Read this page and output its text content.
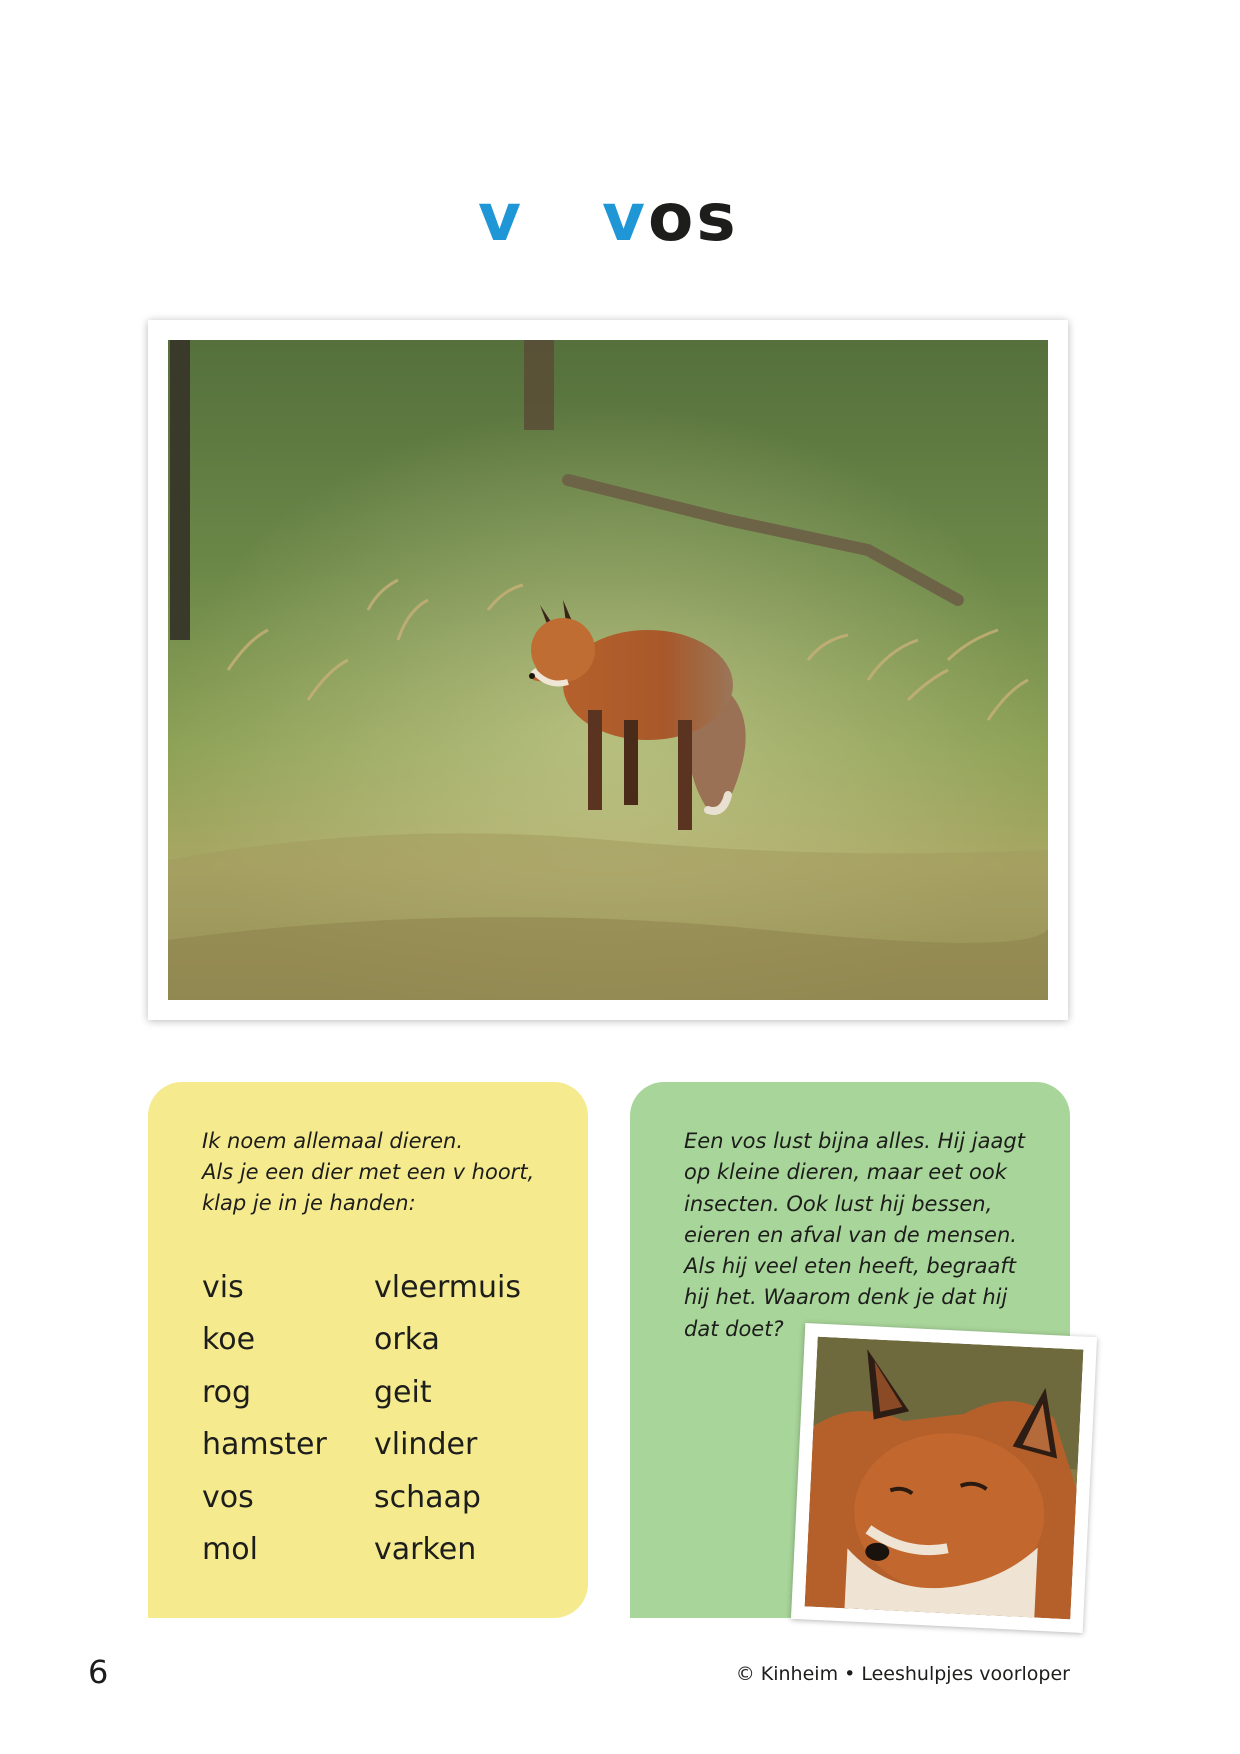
v vos

Ik noem allemaal dieren.
Als je een dier met een v hoort,
klap je in je handen:

vis
koe
rog
hamster
vos
mol
vleermuis
orka
geit
vlinder
schaap
varken

Een vos lust bijna alles. Hij jaagt
op kleine dieren, maar eet ook
insecten. Ook lust hij bessen,
eieren en afval van de mensen.
Als hij veel eten heeft, begraaft
hij het. Waarom denk je dat hij
dat doet?

6	© Kinheim • Leeshulpjes voorloper
